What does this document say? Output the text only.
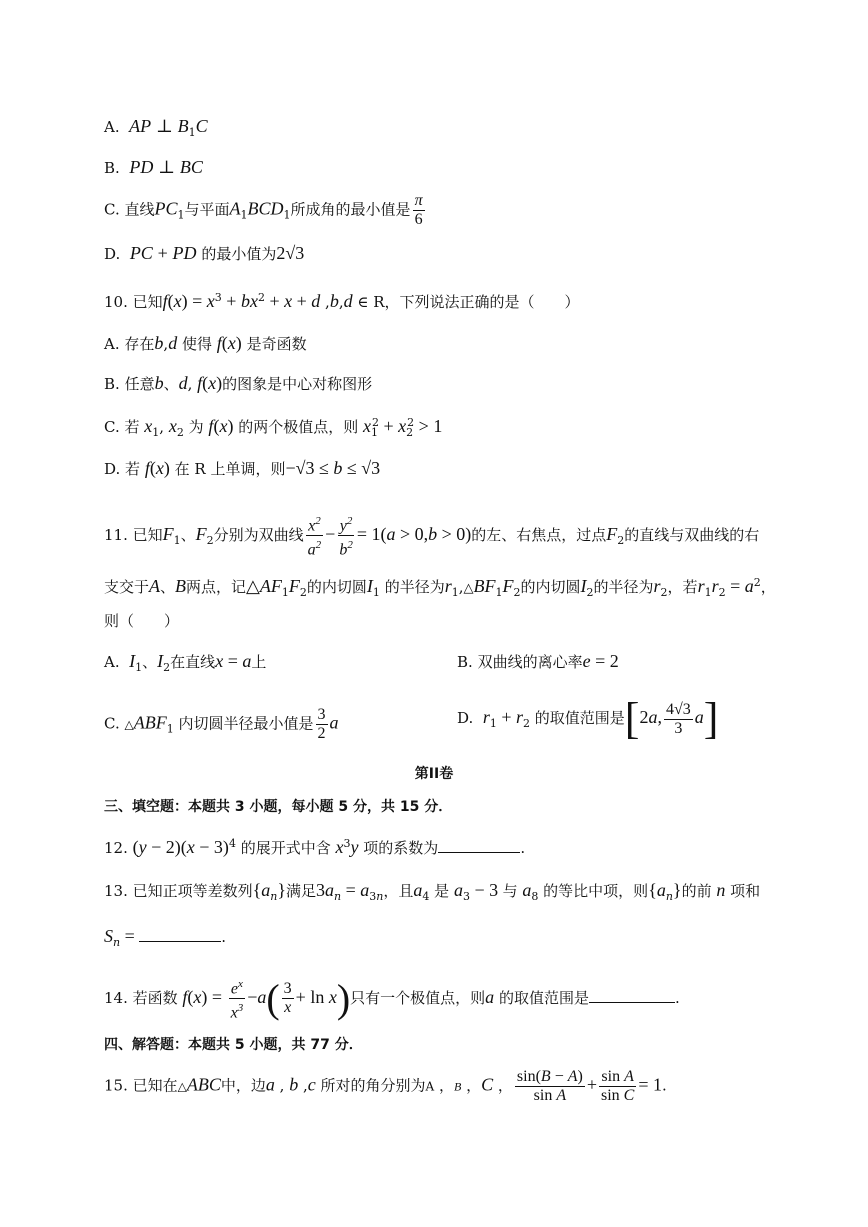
A. AP ⊥ $B_1C$
B. PD ⊥ BC
C. 直线$PC_1$与平面$A_1BCD_1$所成角的最小值是 $\frac{\pi}{6}$
D. PC + PD 的最小值为2√3
10. 已知$f(x) = x^3 + bx^2 + x + d$ ,b,d ∈ R，下列说法正确的是（　　）
A. 存在b,d 使得 f(x) 是奇函数
B. 任意b、d, f(x)的图象是中心对称图形
C. 若 $x_1$, $x_2$ 为 f(x) 的两个极值点，则 $x_1^2 + x_2^2 > 1$
D. 若 f(x) 在 R 上单调，则−√3 ≤ b ≤ √3
11. 已知$F_1$、$F_2$分别为双曲线 $\frac{x^2}{a^2} - \frac{y^2}{b^2} = 1(a > 0,b > 0)$的左、右焦点，过点$F_2$的直线与双曲线的右
支交于A、B两点，记$\triangle AF_1F_2$的内切圆$I_1$ 的半径为$r_1,\triangle BF_1F_2$的内切圆$I_2$的半径为$r_2$，若$r_1r_2 = a^2$，
则（　　）
A. $I_1$、$I_2$在直线x = a上	B. 双曲线的离心率e = 2
C. $\triangle ABF_1$ 内切圆半径最小值是 $\frac{3}{2}$ a	D. $r_1 + r_2$ 的取值范围是[2a, $\frac{4√3}{3} a$]
第II卷
三、填空题：本题共 3 小题，每小题 5 分，共 15 分．
12. $(y - 2)(x - 3)^4$ 的展开式中含 $x^3y$ 项的系数为	.
13. 已知正项等差数列$\{a_n\}$满足$3a_n = a_{3n}$，且$a_4$ 是 $a_3 - 3$ 与 $a_8$ 的等比中项，则$\{a_n\}$的前 n 项和
$S_n$ =	.
14. 若函数 $f(x) = \frac{e^x}{x^3} -a( \frac{3}{x} + \ln x)$只有一个极值点，则a 的取值范围是	.
四、解答题：本题共 5 小题，共 77 分．
15. 已知在△ABC中，边a , b ,c 所对的角分别为A ，B ，C ， $\frac{\sin(B - A)}{\text{sin A}} + \frac{\text{sin A}}{\text{sin C}} = 1$.
